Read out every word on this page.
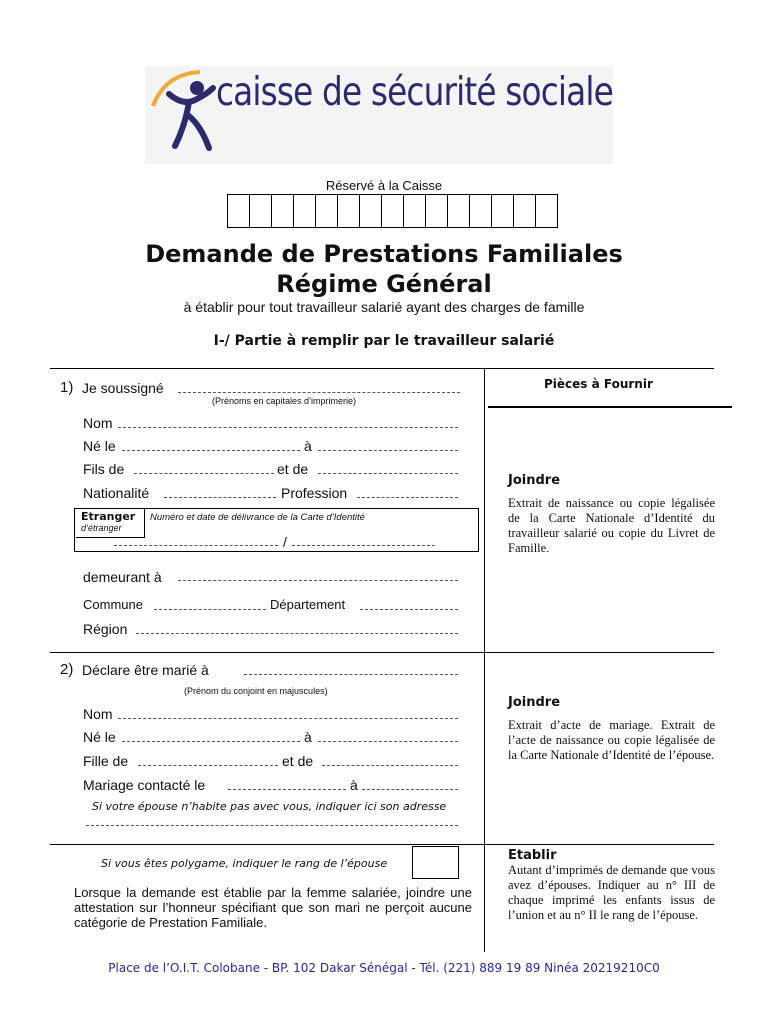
caisse de sécurité sociale
Réservé à la Caisse
Demande de Prestations Familiales
Régime Général
à établir pour tout travailleur salarié ayant des charges de famille
I-/ Partie à remplir par le travailleur salarié
1) Je soussigné
(Prénoms en capitales d’imprimerie)
Nom
Né le	à
Fils de	et de
Nationalité	Profession
Etranger
d’étranger
Numéro et date de délivrance de la Carte d’Identité
/
demeurant à
Commune	Département
Région
2) Déclare être marié à
(Prénom du conjoint en majuscules)
Nom
Né le	à
Fille de	et de
Mariage contacté le	à
Si votre épouse n’habite pas avec vous, indiquer ici son adresse
Si vous êtes polygame, indiquer le rang de l’épouse
Lorsque la demande est établie par la femme salariée, joindre une attestation sur l’honneur spécifiant que son mari ne perçoit aucune catégorie de Prestation Familiale.
Pièces à Fournir
Joindre
Extrait de naissance ou copie légalisée de la Carte Nationale d’Identité du travailleur salarié ou copie du Livret de Famille.
Joindre
Extrait d’acte de mariage. Extrait de l’acte de naissance ou copie légalisée de la Carte Nationale d’Identité de l’épouse.
Etablir
Autant d’imprimés de demande que vous avez d’épouses. Indiquer au n° III de chaque imprimé les enfants issus de l’union et au n° II le rang de l’épouse.
Place de l’O.I.T. Colobane - BP. 102 Dakar Sénégal - Tél. (221) 889 19 89 Ninéa 20219210C0
